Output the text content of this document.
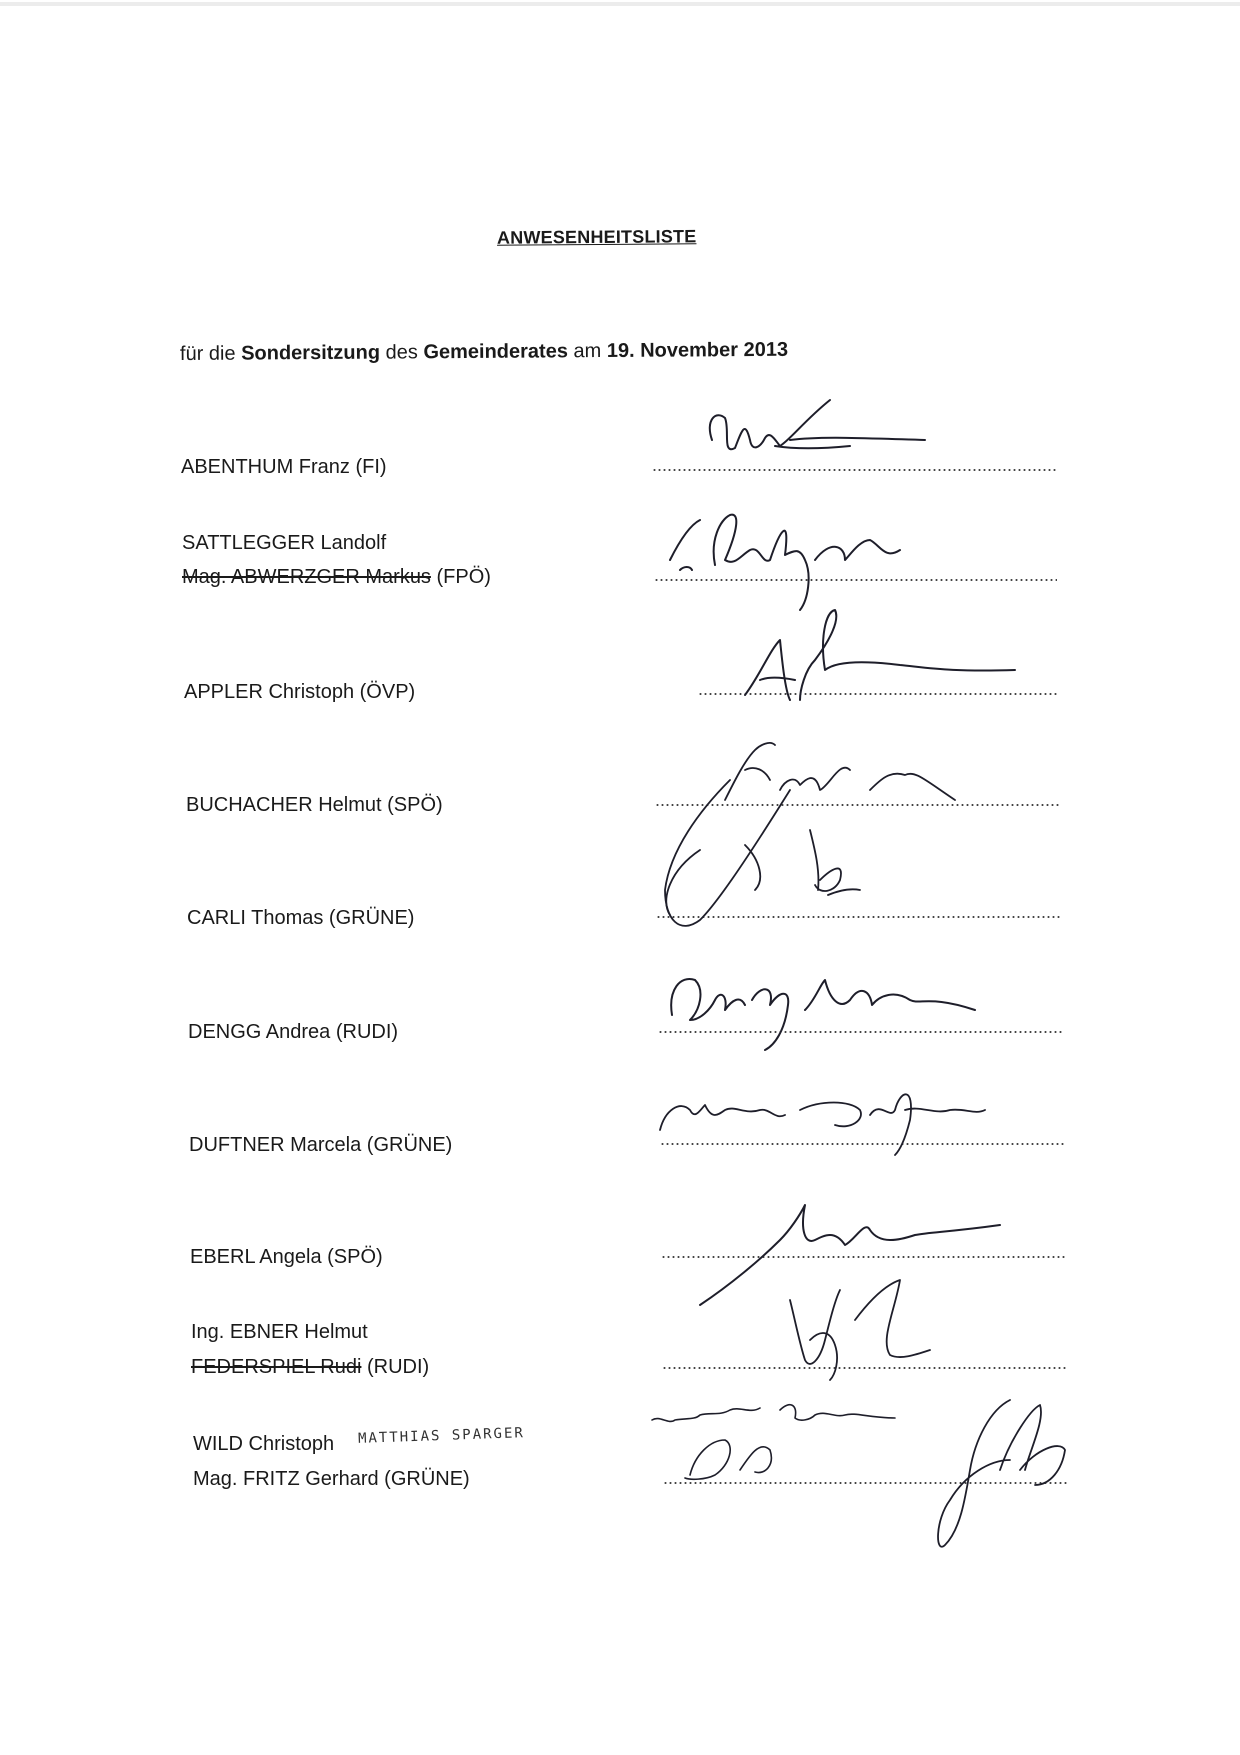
ANWESENHEITSLISTE
für die Sondersitzung des Gemeinderates am 19. November 2013
ABENTHUM Franz (FI)
SATTLEGGER Landolf
Mag. ABWERZGER Markus (FPÖ)
APPLER Christoph (ÖVP)
BUCHACHER Helmut (SPÖ)
CARLI Thomas (GRÜNE)
DENGG Andrea (RUDI)
DUFTNER Marcela (GRÜNE)
EBERL Angela (SPÖ)
Ing. EBNER Helmut
FEDERSPIEL Rudi (RUDI)
WILD Christoph MATTHIAS SPARGER
Mag. FRITZ Gerhard (GRÜNE)
